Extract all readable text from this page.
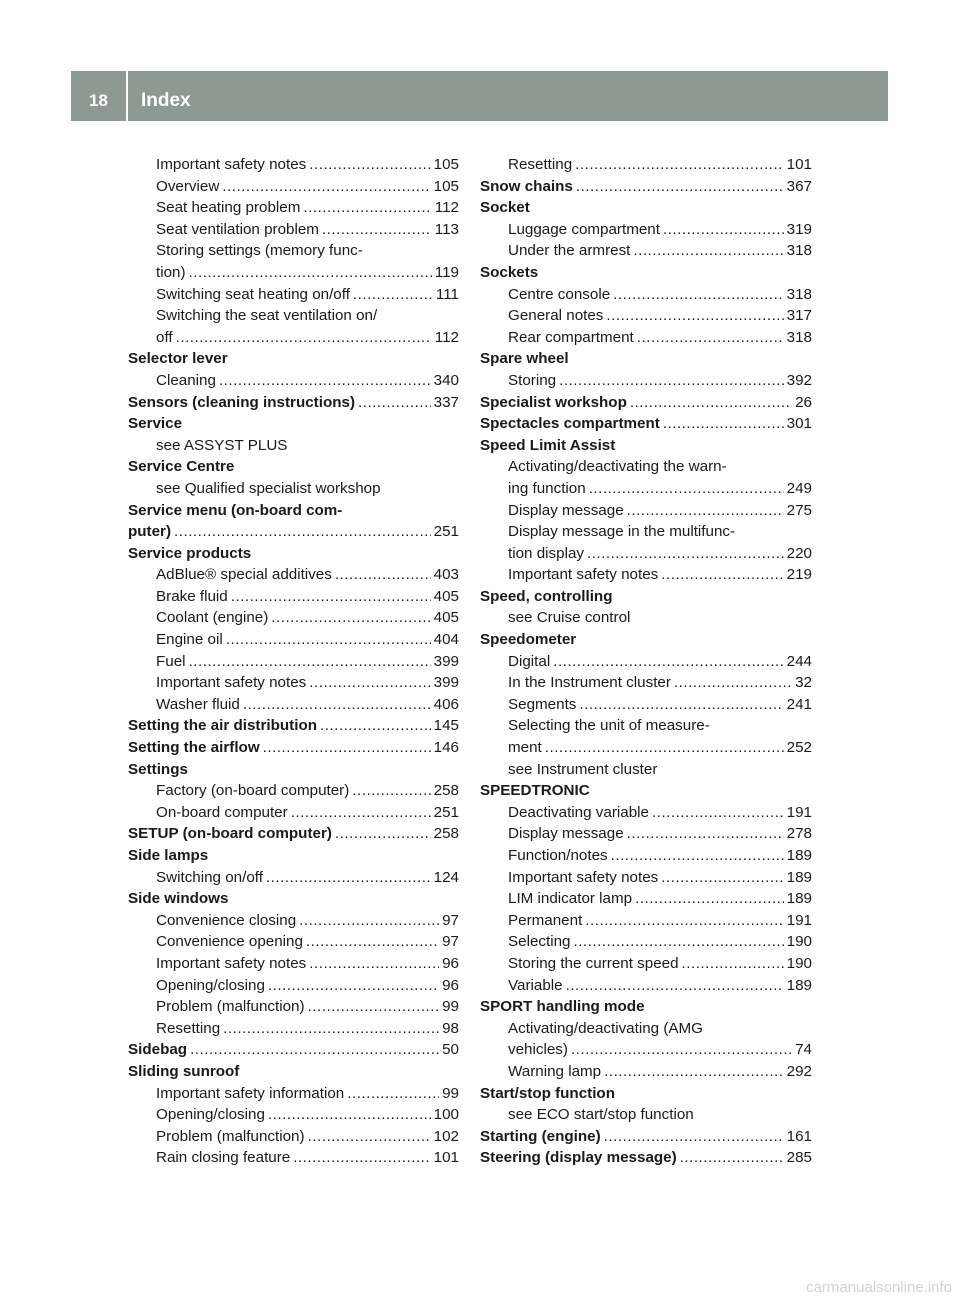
18	Index
Important safety notes .....	105
Overview .....	105
Seat heating problem .....	112
Seat ventilation problem .....	113
Storing settings (memory func-
tion) .....	119
Switching seat heating on/off .....	111
Switching the seat ventilation on/
off .....	112
Selector lever
Cleaning .....	340
Sensors (cleaning instructions) .....	337
Service
see ASSYST PLUS
Service Centre
see Qualified specialist workshop
Service menu (on-board com-
puter) .....	251
Service products
AdBlue® special additives .....	403
Brake fluid .....	405
Coolant (engine) .....	405
Engine oil .....	404
Fuel .....	399
Important safety notes .....	399
Washer fluid .....	406
Setting the air distribution .....	145
Setting the airflow .....	146
Settings
Factory (on-board computer) .....	258
On-board computer .....	251
SETUP (on-board computer) .....	258
Side lamps
Switching on/off .....	124
Side windows
Convenience closing .....	97
Convenience opening .....	97
Important safety notes .....	96
Opening/closing .....	96
Problem (malfunction) .....	99
Resetting .....	98
Sidebag .....	50
Sliding sunroof
Important safety information .....	99
Opening/closing .....	100
Problem (malfunction) .....	102
Rain closing feature .....	101
Resetting .....	101
Snow chains .....	367
Socket
Luggage compartment .....	319
Under the armrest .....	318
Sockets
Centre console .....	318
General notes .....	317
Rear compartment .....	318
Spare wheel
Storing .....	392
Specialist workshop .....	26
Spectacles compartment .....	301
Speed Limit Assist
Activating/deactivating the warn-
ing function .....	249
Display message .....	275
Display message in the multifunc-
tion display .....	220
Important safety notes .....	219
Speed, controlling
see Cruise control
Speedometer
Digital .....	244
In the Instrument cluster .....	32
Segments .....	241
Selecting the unit of measure-
ment .....	252
see Instrument cluster
SPEEDTRONIC
Deactivating variable .....	191
Display message .....	278
Function/notes .....	189
Important safety notes .....	189
LIM indicator lamp .....	189
Permanent .....	191
Selecting .....	190
Storing the current speed .....	190
Variable .....	189
SPORT handling mode
Activating/deactivating (AMG
vehicles) .....	74
Warning lamp .....	292
Start/stop function
see ECO start/stop function
Starting (engine) .....	161
Steering (display message) .....	285
carmanualsonline.info
